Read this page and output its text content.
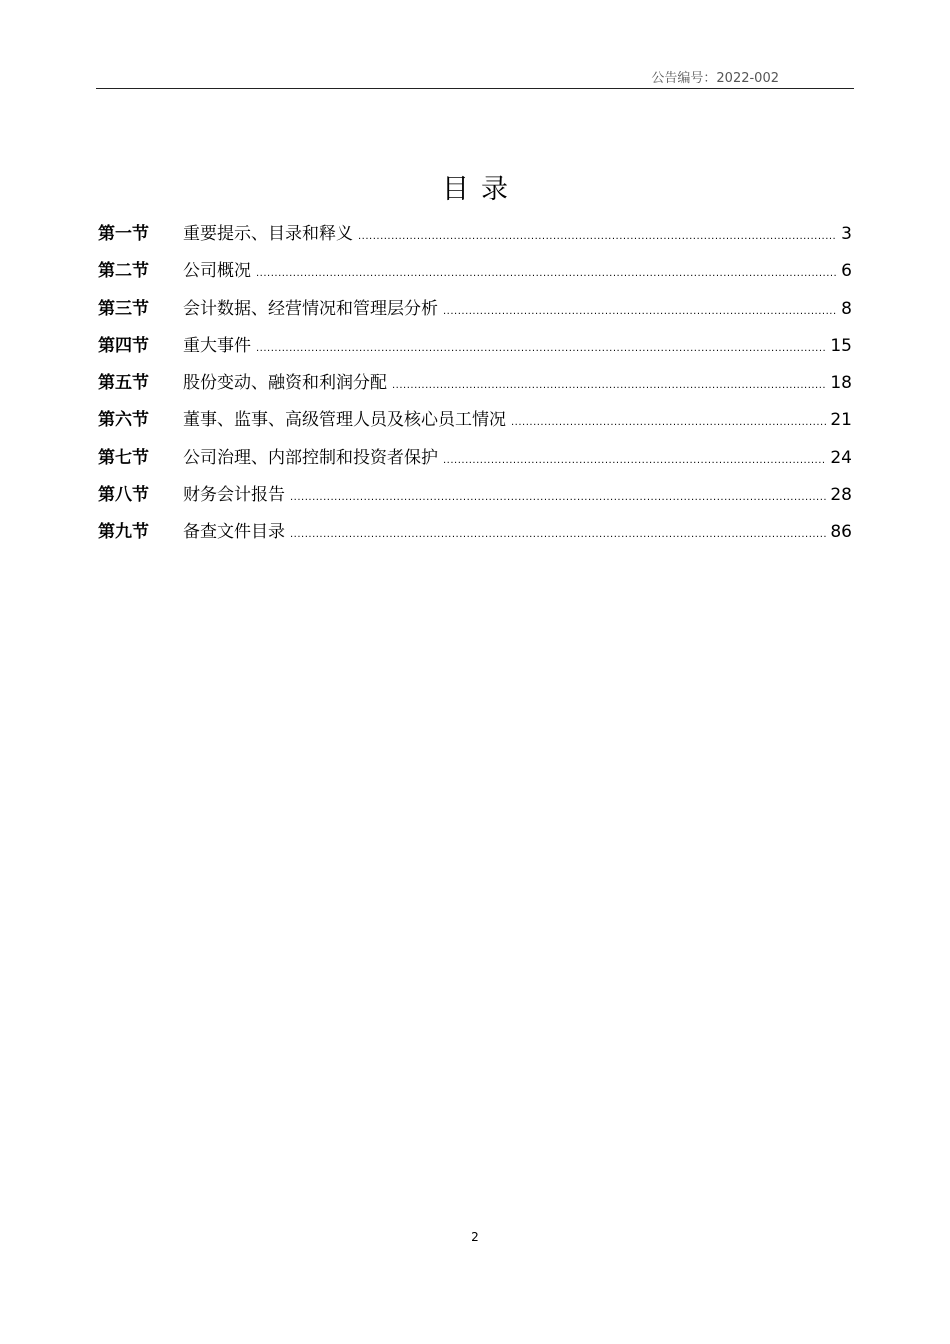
公告编号：2022-002
目录
第一节	重要提示、目录和释义 .....	3
第二节	公司概况 .....	6
第三节	会计数据、经营情况和管理层分析 .....	8
第四节	重大事件 .....	15
第五节	股份变动、融资和利润分配 .....	18
第六节	董事、监事、高级管理人员及核心员工情况 .....	21
第七节	公司治理、内部控制和投资者保护 .....	24
第八节	财务会计报告 .....	28
第九节	备查文件目录 .....	86
2
